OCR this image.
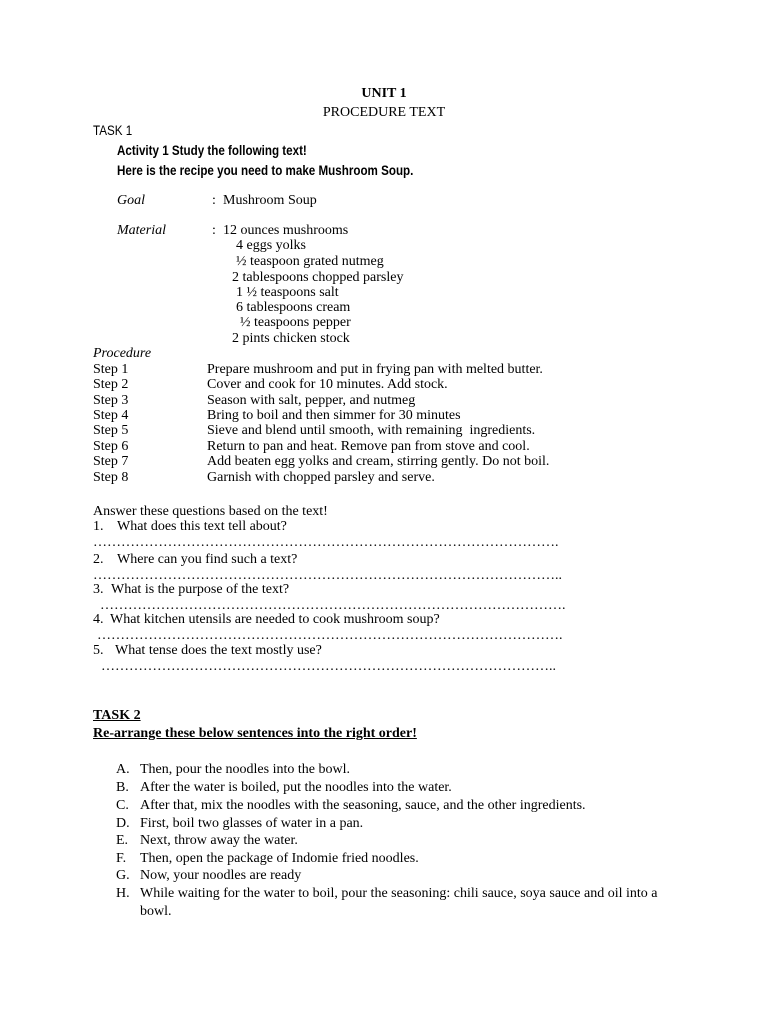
UNIT 1
PROCEDURE TEXT
TASK 1
Activity 1 Study the following text!
Here is the recipe you need to make Mushroom Soup.
Goal	: Mushroom Soup
Material	: 12 ounces mushrooms
4 eggs yolks
½ teaspoon grated nutmeg
2 tablespoons chopped parsley
1 ½ teaspoons salt
6 tablespoons cream
½ teaspoons pepper
2 pints chicken stock
Procedure
Step 1	Prepare mushroom and put in frying pan with melted butter.
Step 2	Cover and cook for 10 minutes. Add stock.
Step 3	Season with salt, pepper, and nutmeg
Step 4	Bring to boil and then simmer for 30 minutes
Step 5	Sieve and blend until smooth, with remaining  ingredients.
Step 6	Return to pan and heat. Remove pan from stove and cool.
Step 7	Add beaten egg yolks and cream, stirring gently. Do not boil.
Step 8	Garnish with chopped parsley and serve.
Answer these questions based on the text!
1. What does this text tell about?
……………………………………………………………………………………….
2. Where can you find such a text?
………………………………………………………………………………………..
3. What is the purpose of the text?
……………………………………………………………………………………….
4. What kitchen utensils are needed to cook mushroom soup?
……………………………………………………………………………………….
5. What tense does the text mostly use?
……………………………………………………………………………………..
TASK 2
Re-arrange these below sentences into the right order!
A. Then, pour the noodles into the bowl.
B. After the water is boiled, put the noodles into the water.
C. After that, mix the noodles with the seasoning, sauce, and the other ingredients.
D. First, boil two glasses of water in a pan.
E. Next, throw away the water.
F. Then, open the package of Indomie fried noodles.
G. Now, your noodles are ready
H. While waiting for the water to boil, pour the seasoning: chili sauce, soya sauce and oil into a bowl.
